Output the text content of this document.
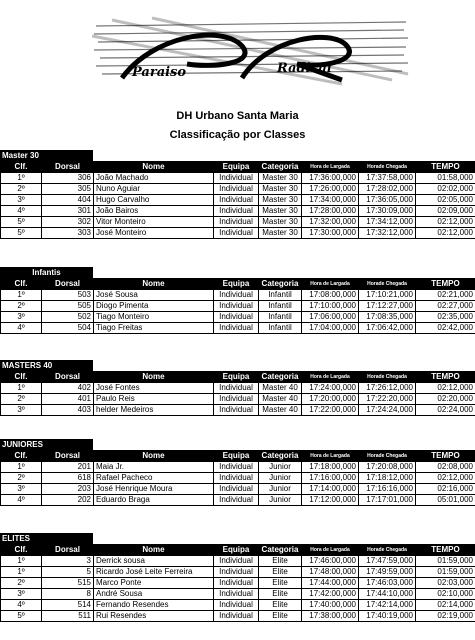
Paraiso	Radical
DH Urbano Santa Maria
Classificação por Classes
Master 30
Clf.	Dorsal	Nome	Equipa	Categoria	Hora de Largada	Horade Chegada	TEMPO
1º	306	João Machado	Individual	Master 30	17:36:00,000	17:37:58,000	01:58,000
2º	305	Nuno Aguiar	Individual	Master 30	17:26:00,000	17:28:02,000	02:02,000
3º	404	Hugo Carvalho	Individual	Master 30	17:34:00,000	17:36:05,000	02:05,000
4º	301	João Bairos	Individual	Master 30	17:28:00,000	17:30:09,000	02:09,000
5º	302	Vitor Monteiro	Individual	Master 30	17:32:00,000	17:34:12,000	02:12,000
5º	303	José Monteiro	Individual	Master 30	17:30:00,000	17:32:12,000	02:12,000
Infantis
Clf.	Dorsal	Nome	Equipa	Categoria	Hora de Largada	Horade Chegada	TEMPO
1º	503	José Sousa	Individual	Infantil	17:08:00,000	17:10:21,000	02:21,000
2º	505	Diogo Pimenta	Individual	Infantil	17:10:00,000	17:12:27,000	02:27,000
3º	502	Tiago Monteiro	Individual	Infantil	17:06:00,000	17:08:35,000	02:35,000
4º	504	Tiago Freitas	Individual	Infantil	17:04:00,000	17:06:42,000	02:42,000
MASTERS 40
Clf.	Dorsal	Nome	Equipa	Categoria	Hora de Largada	Horade Chegada	TEMPO
1º	402	José Fontes	Individual	Master 40	17:24:00,000	17:26:12,000	02:12,000
2º	401	Paulo Reis	Individual	Master 40	17:20:00,000	17:22:20,000	02:20,000
3º	403	helder Medeiros	Individual	Master 40	17:22:00,000	17:24:24,000	02:24,000
JUNIORES
Clf.	Dorsal	Nome	Equipa	Categoria	Hora de Largada	Horade Chegada	TEMPO
1º	201	Maia Jr.	Individual	Junior	17:18:00,000	17:20:08,000	02:08,000
2º	618	Rafael Pacheco	Individual	Junior	17:16:00,000	17:18:12,000	02:12,000
3º	203	José Henrique Moura	Individual	Junior	17:14:00,000	17:16:16,000	02:16,000
4º	202	Eduardo Braga	Individual	Junior	17:12:00,000	17:17:01,000	05:01,000
ELITES
Clf.	Dorsal	Nome	Equipa	Categoria	Hora de Largada	Horade Chegada	TEMPO
1º	3	Derrick sousa	Individual	Elite	17:46:00,000	17:47:59,000	01:59,000
1º	5	Ricardo José Leite Ferreira	Individual	Elite	17:48:00,000	17:49:59,000	01:59,000
2º	515	Marco Ponte	Individual	Elite	17:44:00,000	17:46:03,000	02:03,000
3º	8	André Sousa	Individual	Elite	17:42:00,000	17:44:10,000	02:10,000
4º	514	Fernando Resendes	Individual	Elite	17:40:00,000	17:42:14,000	02:14,000
5º	511	Rui Resendes	Individual	Elite	17:38:00,000	17:40:19,000	02:19,000
